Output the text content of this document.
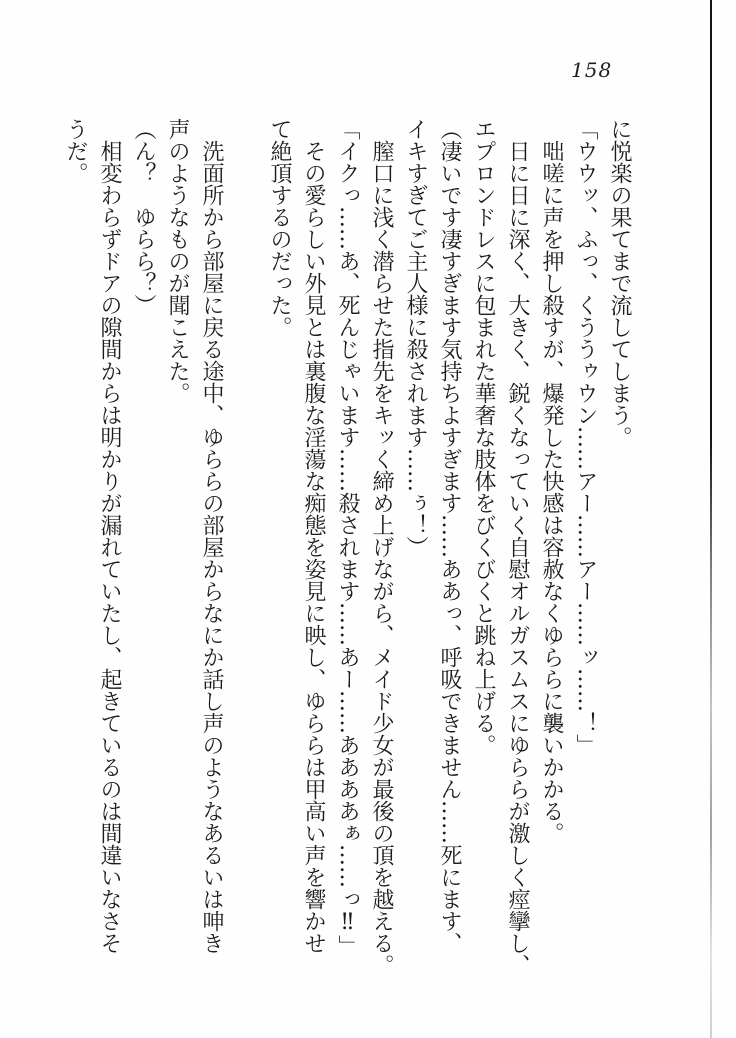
158
に悦楽の果てまで流してしまう。
「ウウッ、ふっ、くううゥウン……アー……アー……ッ……！」
　咄嗟に声を押し殺すが、爆発した快感は容赦なくゆららに襲いかかる。
　日に日に深く、大きく、鋭くなっていく自慰オルガスムスにゆららが激しく痙攣し、
エプロンドレスに包まれた華奢な肢体をびくびくと跳ね上げる。
（凄いです凄すぎます気持ちよすぎます……ああっ、呼吸できません……死にます、
イキすぎてご主人様に殺されます……ぅ！）
　膣口に浅く潜らせた指先をキッく締め上げながら、メイド少女が最後の頂を越える。
「イクっ……あ、死んじゃいます……殺されます……あー……ああああぁ……っ‼」
　その愛らしい外見とは裏腹な淫蕩な痴態を姿見に映し、ゆららは甲高い声を響かせ
て絶頂するのだった。
　洗面所から部屋に戻る途中、ゆららの部屋からなにか話し声のようなあるいは呻き
声のようなものが聞こえた。
（ん？　ゆらら？）
　相変わらずドアの隙間からは明かりが漏れていたし、起きているのは間違いなさそ
うだ。
